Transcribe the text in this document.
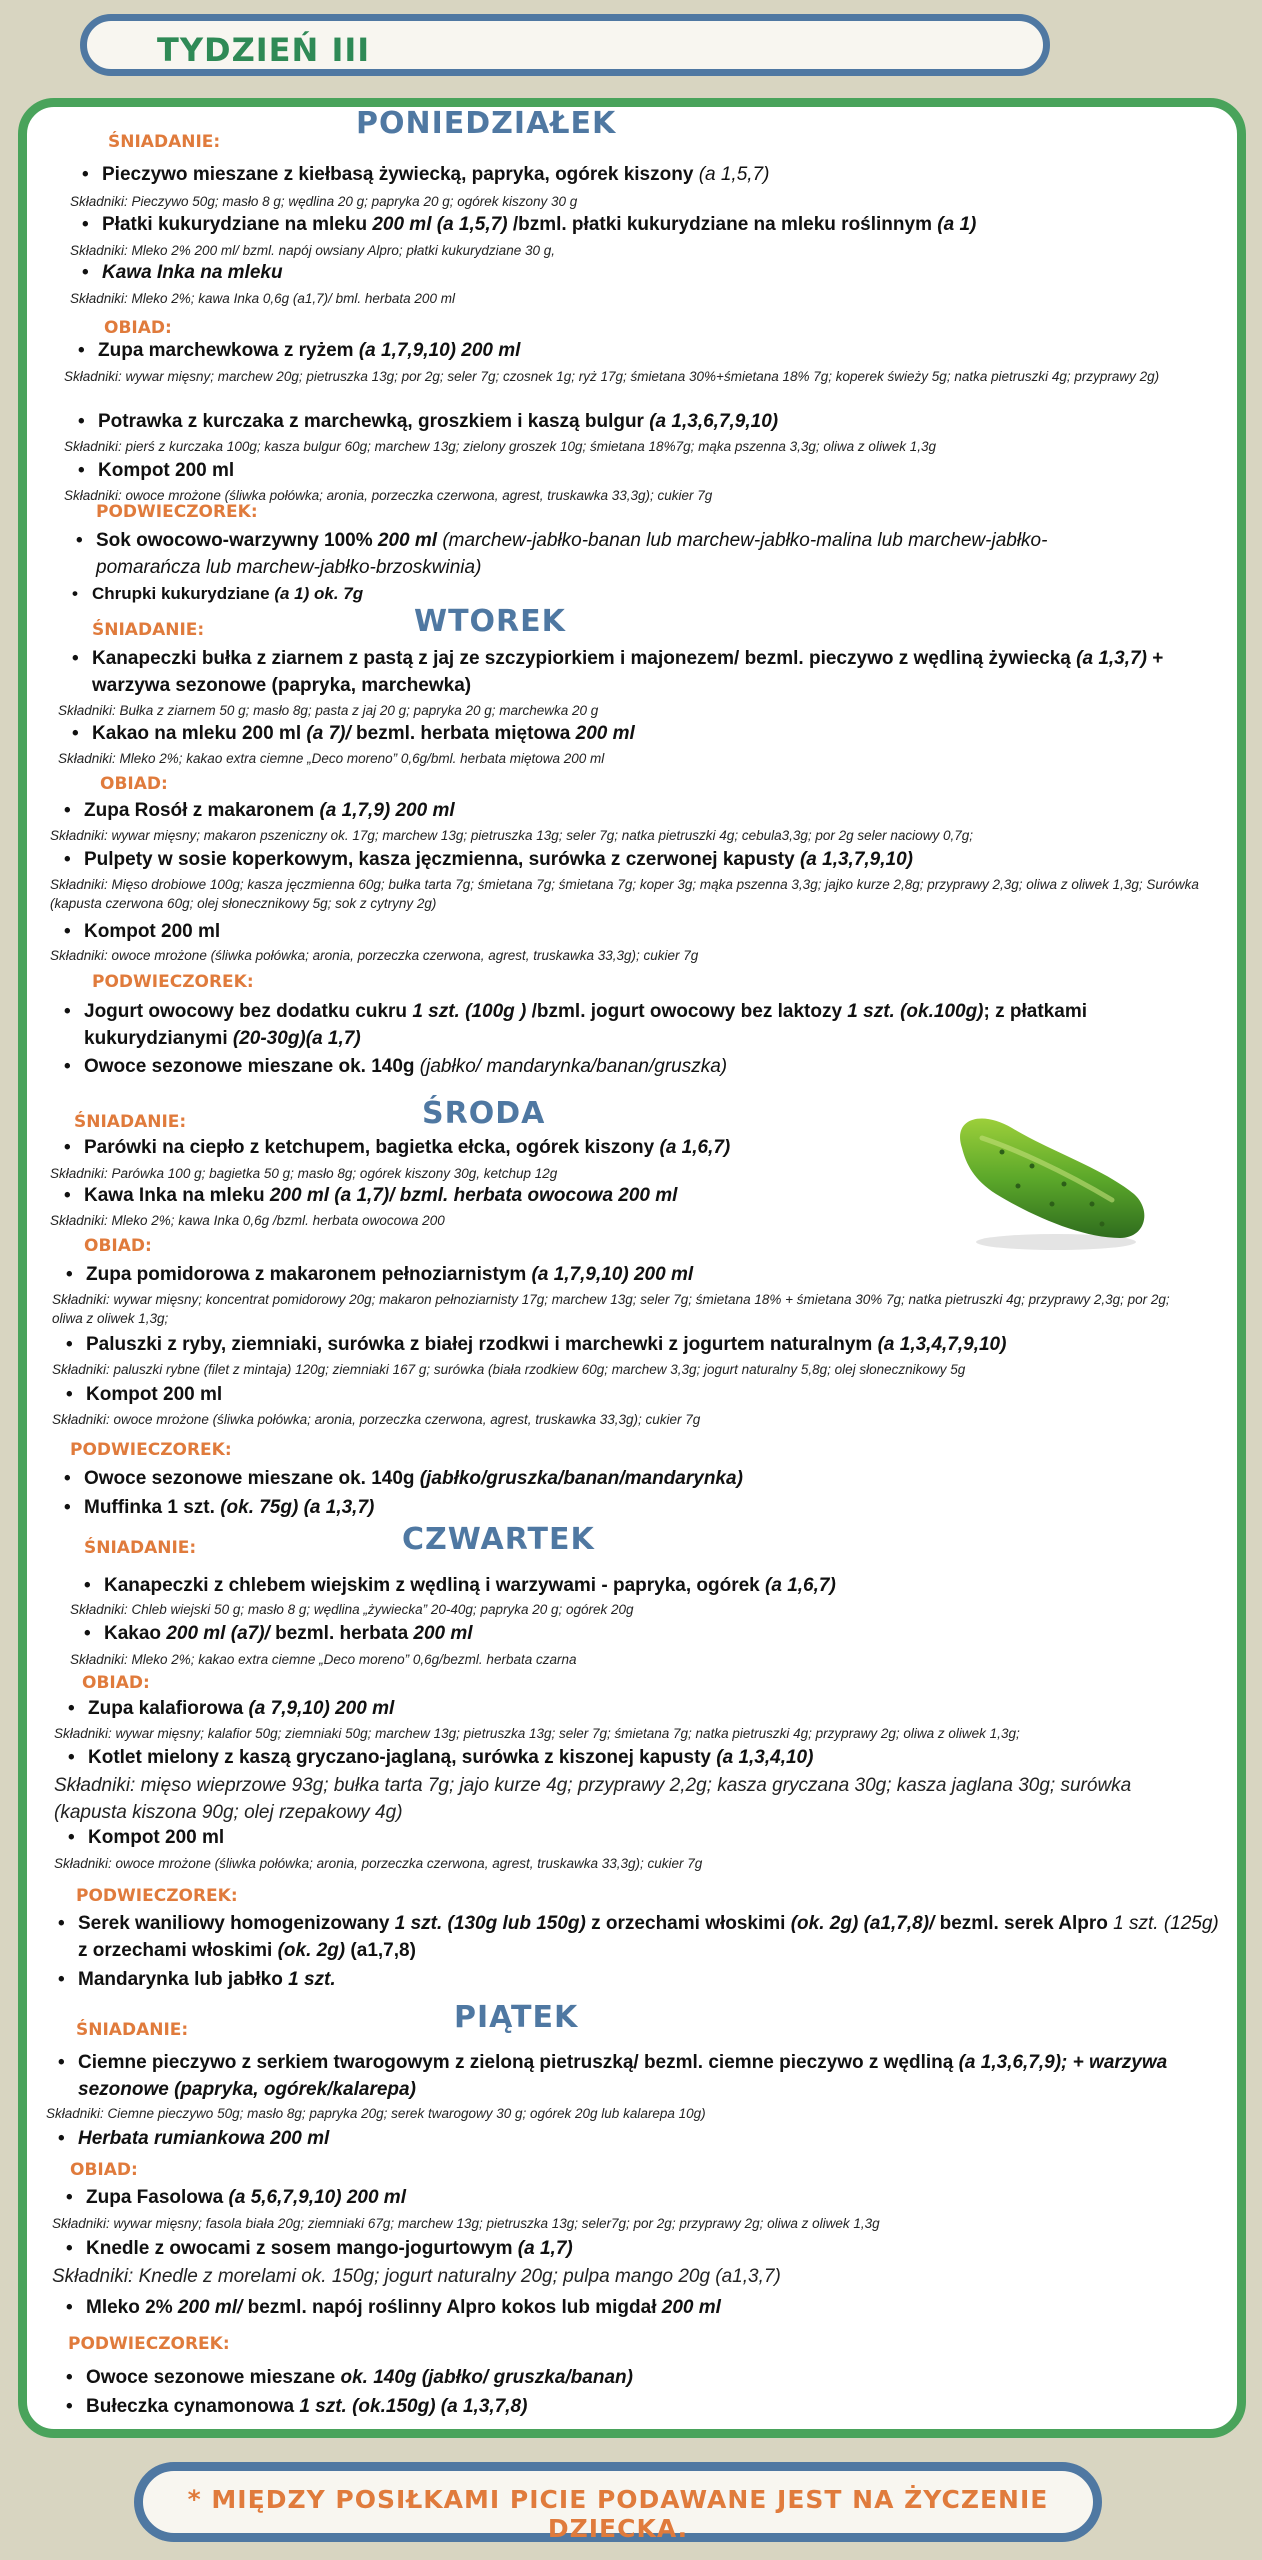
TYDZIEŃ III
ŚNIADANIE:
PONIEDZIAŁEK
• Pieczywo mieszane z kiełbasą żywiecką, papryka, ogórek kiszony (a 1,5,7)
Składniki: Pieczywo 50g; masło 8 g; wędlina 20 g; papryka 20 g; ogórek kiszony 30 g
• Płatki kukurydziane na mleku 200 ml (a 1,5,7) /bzml. płatki kukurydziane na mleku roślinnym (a 1)
Składniki: Mleko 2% 200 ml/ bzml. napój owsiany Alpro; płatki kukurydziane 30 g,
• Kawa Inka na mleku
Składniki: Mleko 2%; kawa Inka 0,6g (a1,7)/ bml. herbata 200 ml
OBIAD:
• Zupa marchewkowa z ryżem (a 1,7,9,10) 200 ml
Składniki: wywar mięsny; marchew 20g; pietruszka 13g; por 2g; seler 7g; czosnek 1g; ryż 17g; śmietana 30%+śmietana 18% 7g; koperek świeży 5g; natka pietruszki 4g; przyprawy 2g)
• Potrawka z kurczaka z marchewką, groszkiem i kaszą bulgur (a 1,3,6,7,9,10)
Składniki: pierś z kurczaka 100g; kasza bulgur 60g; marchew 13g; zielony groszek 10g; śmietana 18%7g; mąka pszenna 3,3g; oliwa z oliwek 1,3g
• Kompot 200 ml
Składniki: owoce mrożone (śliwka połówka; aronia, porzeczka czerwona, agrest, truskawka 33,3g); cukier 7g
PODWIECZOREK:
• Sok owocowo-warzywny 100% 200 ml (marchew-jabłko-banan lub marchew-jabłko-malina lub marchew-jabłko-pomarańcza lub marchew-jabłko-brzoskwinia)
• Chrupki kukurydziane (a 1) ok. 7g
ŚNIADANIE:	WTOREK
• Kanapeczki bułka z ziarnem z pastą z jaj ze szczypiorkiem i majonezem/ bezml. pieczywo z wędliną żywiecką (a 1,3,7) + warzywa sezonowe (papryka, marchewka)
Składniki: Bułka z ziarnem 50 g; masło 8g; pasta z jaj 20 g; papryka 20 g; marchewka 20 g
• Kakao na mleku 200 ml (a 7)/ bezml. herbata miętowa 200 ml
Składniki: Mleko 2%; kakao extra ciemne „Deco moreno” 0,6g/bml. herbata miętowa 200 ml
OBIAD:
• Zupa Rosół z makaronem (a 1,7,9) 200 ml
Składniki: wywar mięsny; makaron pszeniczny ok. 17g; marchew 13g; pietruszka 13g; seler 7g; natka pietruszki 4g; cebula3,3g; por 2g seler naciowy 0,7g;
• Pulpety w sosie koperkowym, kasza jęczmienna, surówka z czerwonej kapusty (a 1,3,7,9,10)
Składniki: Mięso drobiowe 100g; kasza jęczmienna 60g; bułka tarta 7g; śmietana 7g; śmietana 7g; koper 3g; mąka pszenna 3,3g; jajko kurze 2,8g; przyprawy 2,3g; oliwa z oliwek 1,3g; Surówka (kapusta czerwona 60g; olej słonecznikowy 5g; sok z cytryny 2g)
• Kompot 200 ml
Składniki: owoce mrożone (śliwka połówka; aronia, porzeczka czerwona, agrest, truskawka 33,3g); cukier 7g
PODWIECZOREK:
• Jogurt owocowy bez dodatku cukru 1 szt. (100g ) /bzml. jogurt owocowy bez laktozy 1 szt. (ok.100g); z płatkami kukurydzianymi (20-30g)(a 1,7)
• Owoce sezonowe mieszane ok. 140g (jabłko/ mandarynka/banan/gruszka)
ŚNIADANIE:	ŚRODA
• Parówki na ciepło z ketchupem, bagietka ełcka, ogórek kiszony (a 1,6,7)
Składniki: Parówka 100 g; bagietka 50 g; masło 8g; ogórek kiszony 30g, ketchup 12g
• Kawa Inka na mleku 200 ml (a 1,7)/ bzml. herbata owocowa 200 ml
Składniki: Mleko 2%; kawa Inka 0,6g /bzml. herbata owocowa 200
OBIAD:
• Zupa pomidorowa z makaronem pełnoziarnistym (a 1,7,9,10) 200 ml
Składniki: wywar mięsny; koncentrat pomidorowy 20g; makaron pełnoziarnisty 17g; marchew 13g; seler 7g; śmietana 18% + śmietana 30% 7g; natka pietruszki 4g; przyprawy 2,3g; por 2g; oliwa z oliwek 1,3g;
• Paluszki z ryby, ziemniaki, surówka z białej rzodkwi i marchewki z jogurtem naturalnym (a 1,3,4,7,9,10)
Składniki: paluszki rybne (filet z mintaja) 120g; ziemniaki 167 g; surówka (biała rzodkiew 60g; marchew 3,3g; jogurt naturalny 5,8g; olej słonecznikowy 5g
• Kompot 200 ml
Składniki: owoce mrożone (śliwka połówka; aronia, porzeczka czerwona, agrest, truskawka 33,3g); cukier 7g
PODWIECZOREK:
• Owoce sezonowe mieszane ok. 140g (jabłko/gruszka/banan/mandarynka)
• Muffinka 1 szt. (ok. 75g) (a 1,3,7)
ŚNIADANIE:	CZWARTEK
• Kanapeczki z chlebem wiejskim z wędliną i warzywami - papryka, ogórek (a 1,6,7)
Składniki: Chleb wiejski 50 g; masło 8 g; wędlina „żywiecka” 20-40g; papryka 20 g; ogórek 20g
• Kakao 200 ml (a7)/ bezml. herbata 200 ml
Składniki: Mleko 2%; kakao extra ciemne „Deco moreno” 0,6g/bezml. herbata czarna
OBIAD:
• Zupa kalafiorowa (a 7,9,10) 200 ml
Składniki: wywar mięsny; kalafior 50g; ziemniaki 50g; marchew 13g; pietruszka 13g; seler 7g; śmietana 7g; natka pietruszki 4g; przyprawy 2g; oliwa z oliwek 1,3g;
• Kotlet mielony z kaszą gryczano-jaglaną, surówka z kiszonej kapusty (a 1,3,4,10)
Składniki: mięso wieprzowe 93g; bułka tarta 7g; jajo kurze 4g; przyprawy 2,2g; kasza gryczana 30g; kasza jaglana 30g; surówka (kapusta kiszona 90g; olej rzepakowy 4g)
• Kompot 200 ml
Składniki: owoce mrożone (śliwka połówka; aronia, porzeczka czerwona, agrest, truskawka 33,3g); cukier 7g
PODWIECZOREK:
• Serek waniliowy homogenizowany 1 szt. (130g lub 150g) z orzechami włoskimi (ok. 2g) (a1,7,8)/ bezml. serek Alpro 1 szt. (125g) z orzechami włoskimi (ok. 2g) (a1,7,8)
• Mandarynka lub jabłko 1 szt.
ŚNIADANIE:	PIĄTEK
• Ciemne pieczywo z serkiem twarogowym z zieloną pietruszką/ bezml. ciemne pieczywo z wędliną (a 1,3,6,7,9); + warzywa sezonowe (papryka, ogórek/kalarepa)
Składniki: Ciemne pieczywo 50g; masło 8g; papryka 20g; serek twarogowy 30 g; ogórek 20g lub kalarepa 10g)
• Herbata rumiankowa 200 ml
OBIAD:
• Zupa Fasolowa (a 5,6,7,9,10) 200 ml
Składniki: wywar mięsny; fasola biała 20g; ziemniaki 67g; marchew 13g; pietruszka 13g; seler7g; por 2g; przyprawy 2g; oliwa z oliwek 1,3g
• Knedle z owocami z sosem mango-jogurtowym (a 1,7)
Składniki: Knedle z morelami ok. 150g; jogurt naturalny 20g; pulpa mango 20g (a1,3,7)
• Mleko 2% 200 ml/ bezml. napój roślinny Alpro kokos lub migdał 200 ml
PODWIECZOREK:
• Owoce sezonowe mieszane ok. 140g (jabłko/ gruszka/banan)
• Bułeczka cynamonowa 1 szt. (ok.150g) (a 1,3,7,8)
* MIĘDZY POSIŁKAMI PICIE PODAWANE JEST NA ŻYCZENIE DZIECKA.
